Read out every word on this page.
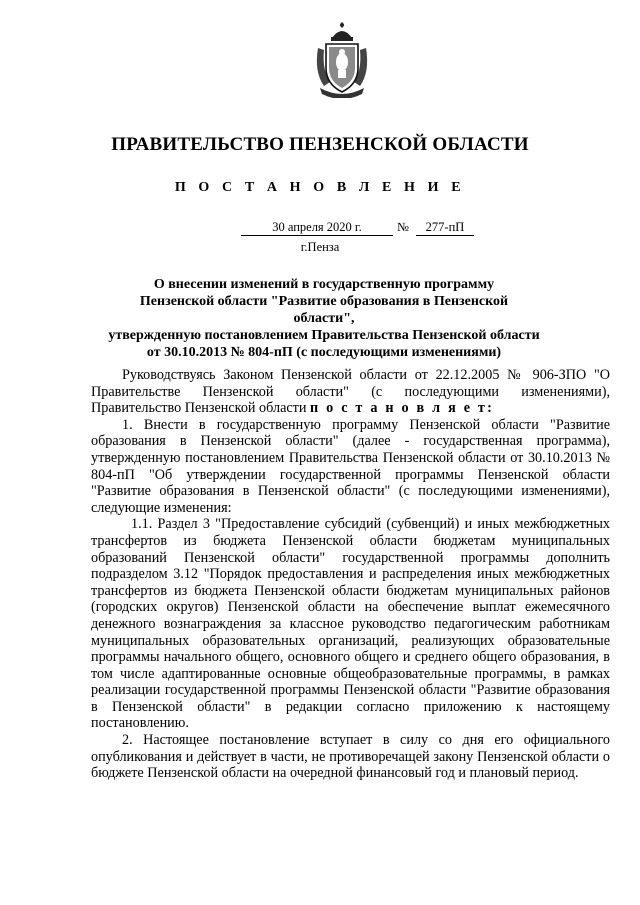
ПРАВИТЕЛЬСТВО ПЕНЗЕНСКОЙ ОБЛАСТИ
П О С Т А Н О В Л Е Н И Е
30 апреля 2020 г.	№	277-пП
г.Пенза
О внесении изменений в государственную программу
Пензенской области "Развитие образования в Пензенской области",
утвержденную постановлением Правительства Пензенской области
от 30.10.2013 № 804-пП (с последующими изменениями)

Руководствуясь Законом Пензенской области от 22.12.2005 № 906-ЗПО "О Правительстве Пензенской области" (с последующими изменениями), Правительство Пензенской области п о с т а н о в л я е т:

1. Внести в государственную программу Пензенской области "Развитие образования в Пензенской области" (далее - государственная программа), утвержденную постановлением Правительства Пензенской области от 30.10.2013 № 804-пП "Об утверждении государственной программы Пензенской области "Развитие образования в Пензенской области" (с последующими изменениями), следующие изменения:

1.1. Раздел 3 "Предоставление субсидий (субвенций) и иных межбюджетных трансфертов из бюджета Пензенской области бюджетам муниципальных образований Пензенской области" государственной программы дополнить подразделом 3.12 "Порядок предоставления и распределения иных межбюджетных трансфертов из бюджета Пензенской области бюджетам муниципальных районов (городских округов) Пензенской области на обеспечение выплат ежемесячного денежного вознаграждения за классное руководство педагогическим работникам муниципальных образовательных организаций, реализующих образовательные программы начального общего, основного общего и среднего общего образования, в том числе адаптированные основные общеобразовательные программы, в рамках реализации государственной программы Пензенской области "Развитие образования в Пензенской области" в редакции согласно приложению к настоящему постановлению.

2. Настоящее постановление вступает в силу со дня его официального опубликования и действует в части, не противоречащей закону Пензенской области о бюджете Пензенской области на очередной финансовый год и плановый период.
